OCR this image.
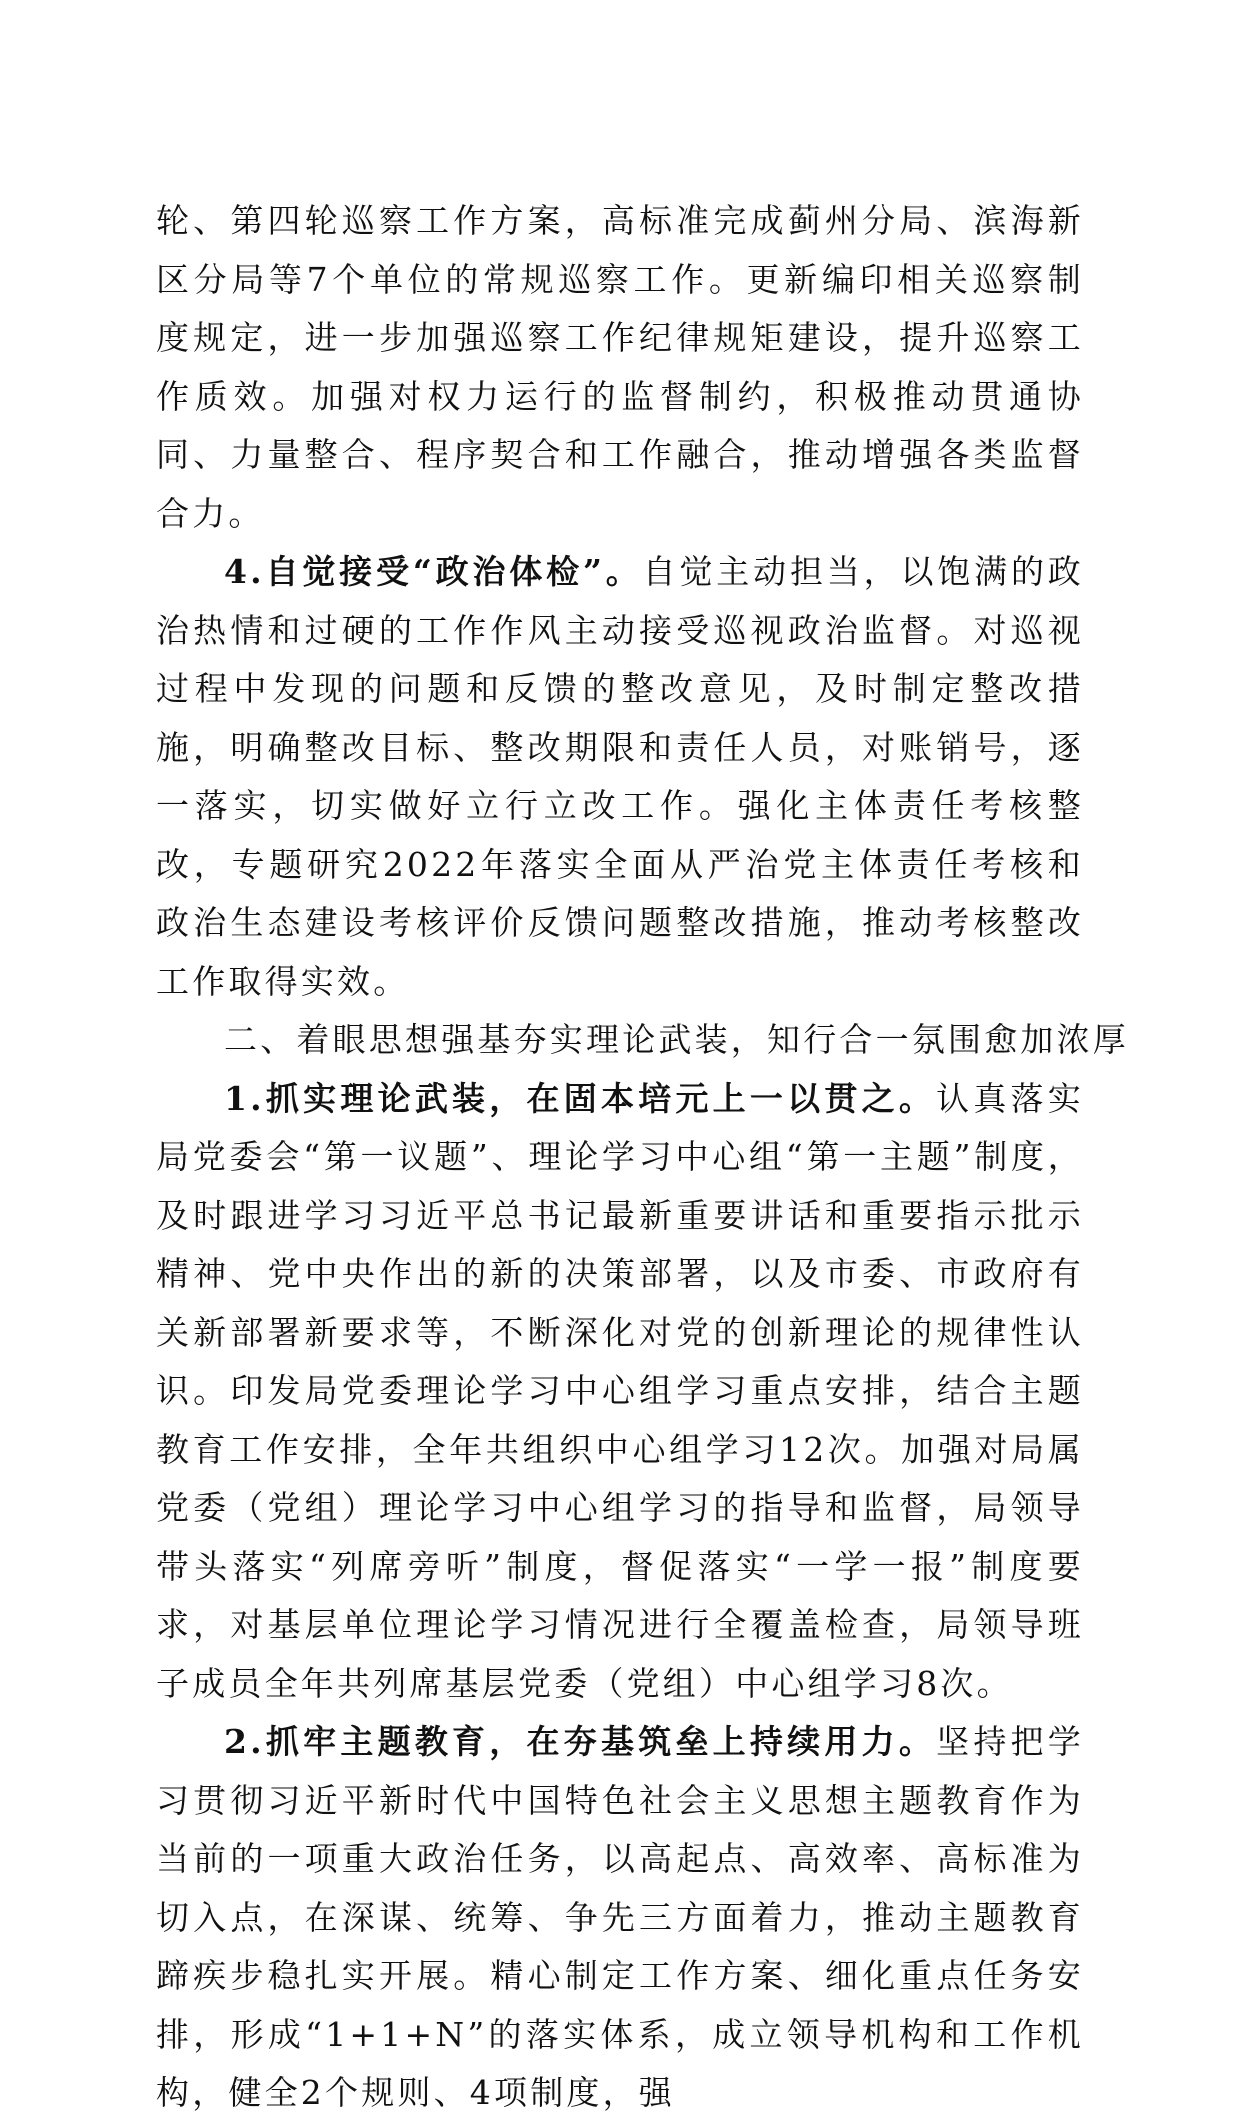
轮、第四轮巡察工作方案，高标准完成蓟州分局、滨海新区分局等7个单位的常规巡察工作。更新编印相关巡察制度规定，进一步加强巡察工作纪律规矩建设，提升巡察工作质效。加强对权力运行的监督制约，积极推动贯通协同、力量整合、程序契合和工作融合，推动增强各类监督合力。

4.自觉接受“政治体检”。自觉主动担当，以饱满的政治热情和过硬的工作作风主动接受巡视政治监督。对巡视过程中发现的问题和反馈的整改意见，及时制定整改措施，明确整改目标、整改期限和责任人员，对账销号，逐一落实，切实做好立行立改工作。强化主体责任考核整改，专题研究2022年落实全面从严治党主体责任考核和政治生态建设考核评价反馈问题整改措施，推动考核整改工作取得实效。

二、着眼思想强基夯实理论武装，知行合一氛围愈加浓厚

1.抓实理论武装，在固本培元上一以贯之。认真落实局党委会“第一议题”、理论学习中心组“第一主题”制度，及时跟进学习习近平总书记最新重要讲话和重要指示批示精神、党中央作出的新的决策部署，以及市委、市政府有关新部署新要求等，不断深化对党的创新理论的规律性认识。印发局党委理论学习中心组学习重点安排，结合主题教育工作安排，全年共组织中心组学习12次。加强对局属党委（党组）理论学习中心组学习的指导和监督，局领导带头落实“列席旁听”制度，督促落实“一学一报”制度要求，对基层单位理论学习情况进行全覆盖检查，局领导班子成员全年共列席基层党委（党组）中心组学习8次。

2.抓牢主题教育，在夯基筑垒上持续用力。坚持把学习贯彻习近平新时代中国特色社会主义思想主题教育作为当前的一项重大政治任务，以高起点、高效率、高标准为切入点，在深谋、统筹、争先三方面着力，推动主题教育蹄疾步稳扎实开展。精心制定工作方案、细化重点任务安排，形成“1+1+N”的落实体系，成立领导机构和工作机构，健全2个规则、4项制度，强
